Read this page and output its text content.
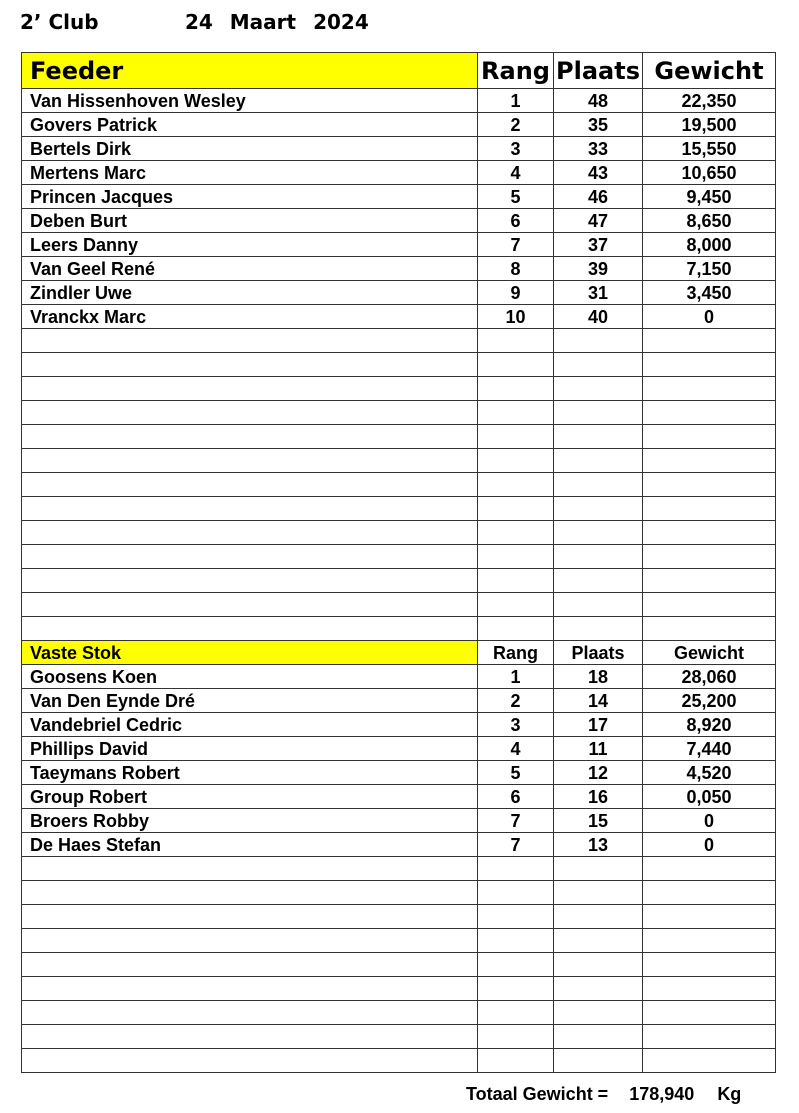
2’ Club	24 Maart 2024
Feeder	Rang	Plaats	Gewicht
Van Hissenhoven Wesley	1	48	22,350
Govers Patrick	2	35	19,500
Bertels Dirk	3	33	15,550
Mertens Marc	4	43	10,650
Princen Jacques	5	46	9,450
Deben Burt	6	47	8,650
Leers Danny	7	37	8,000
Van Geel René	8	39	7,150
Zindler Uwe	9	31	3,450
Vranckx Marc	10	40	0

Vaste Stok	Rang	Plaats	Gewicht
Goosens Koen	1	18	28,060
Van Den Eynde Dré	2	14	25,200
Vandebriel Cedric	3	17	8,920
Phillips David	4	11	7,440
Taeymans Robert	5	12	4,520
Group Robert	6	16	0,050
Broers Robby	7	15	0
De Haes Stefan	7	13	0

Totaal Gewicht = 178,940 Kg
